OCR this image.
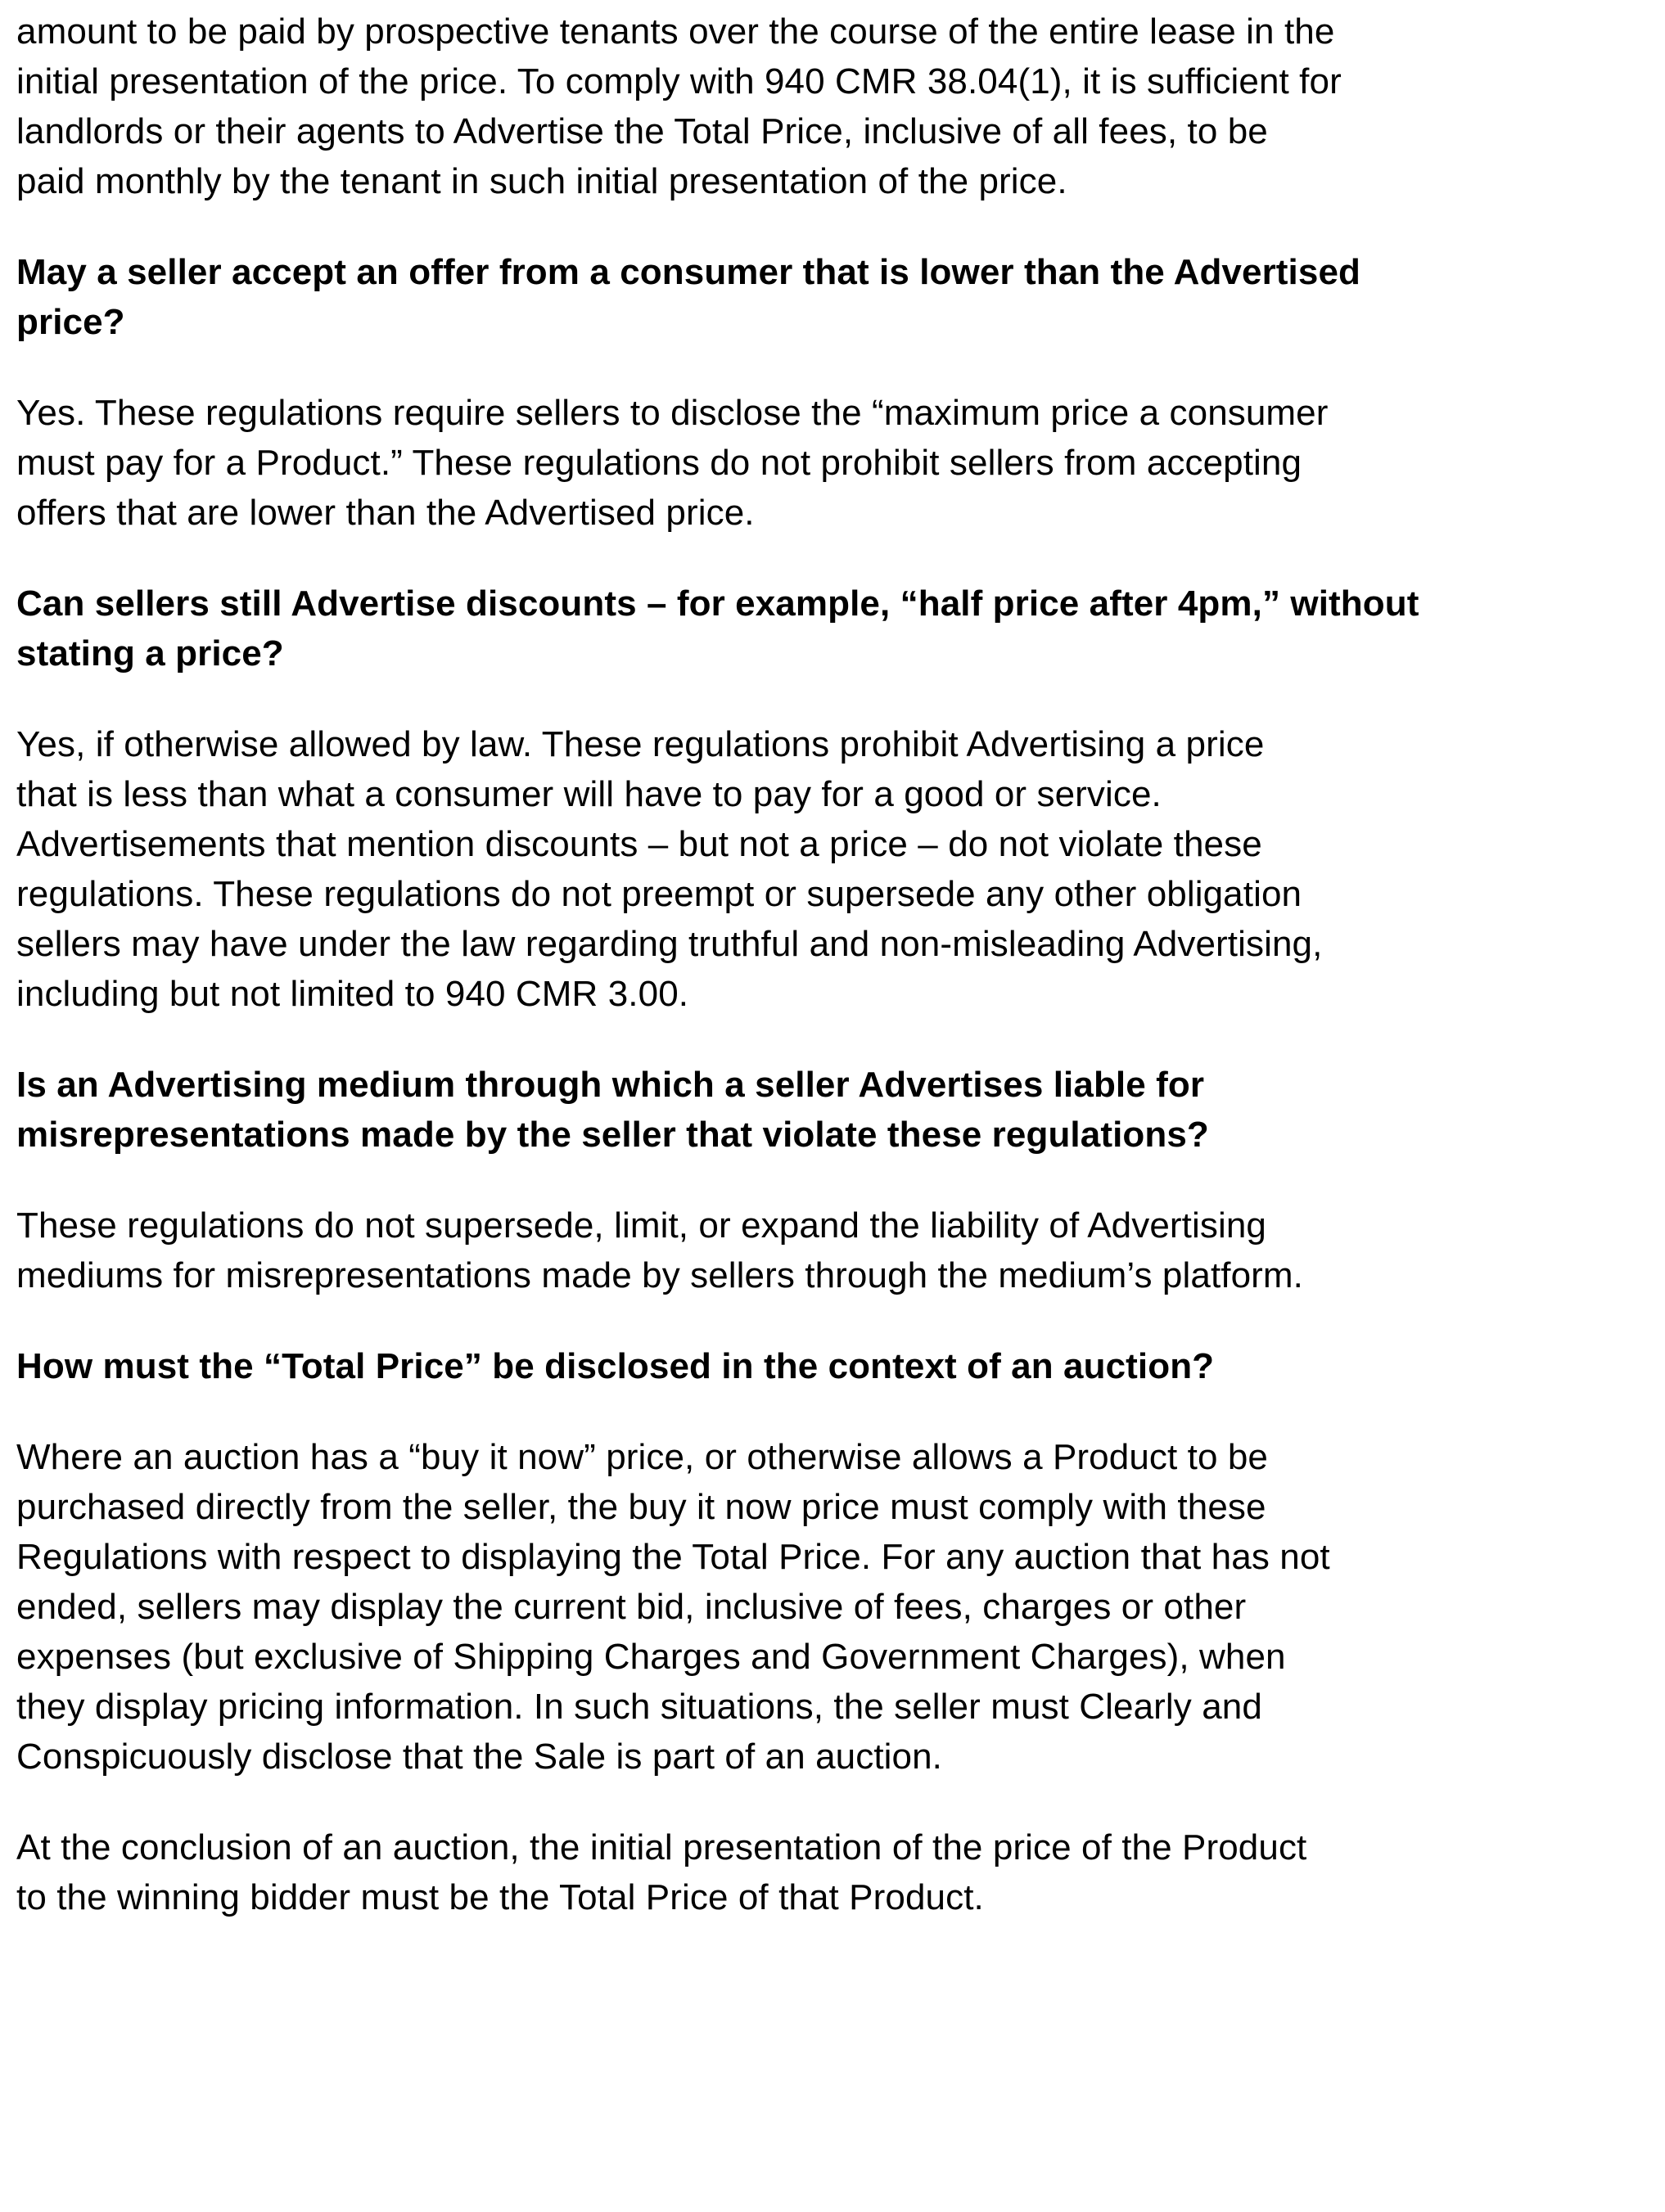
amount to be paid by prospective tenants over the course of the entire lease in the
initial presentation of the price. To comply with 940 CMR 38.04(1), it is sufficient for
landlords or their agents to Advertise the Total Price, inclusive of all fees, to be
paid monthly by the tenant in such initial presentation of the price.
May a seller accept an offer from a consumer that is lower than the Advertised
price?
Yes. These regulations require sellers to disclose the “maximum price a consumer
must pay for a Product.” These regulations do not prohibit sellers from accepting
offers that are lower than the Advertised price.
Can sellers still Advertise discounts – for example, “half price after 4pm,” without
stating a price?
Yes, if otherwise allowed by law. These regulations prohibit Advertising a price
that is less than what a consumer will have to pay for a good or service.
Advertisements that mention discounts – but not a price – do not violate these
regulations. These regulations do not preempt or supersede any other obligation
sellers may have under the law regarding truthful and non-misleading Advertising,
including but not limited to 940 CMR 3.00.
Is an Advertising medium through which a seller Advertises liable for
misrepresentations made by the seller that violate these regulations?
These regulations do not supersede, limit, or expand the liability of Advertising
mediums for misrepresentations made by sellers through the medium’s platform.
How must the “Total Price” be disclosed in the context of an auction?
Where an auction has a “buy it now” price, or otherwise allows a Product to be
purchased directly from the seller, the buy it now price must comply with these
Regulations with respect to displaying the Total Price. For any auction that has not
ended, sellers may display the current bid, inclusive of fees, charges or other
expenses (but exclusive of Shipping Charges and Government Charges), when
they display pricing information. In such situations, the seller must Clearly and
Conspicuously disclose that the Sale is part of an auction.
At the conclusion of an auction, the initial presentation of the price of the Product
to the winning bidder must be the Total Price of that Product.
